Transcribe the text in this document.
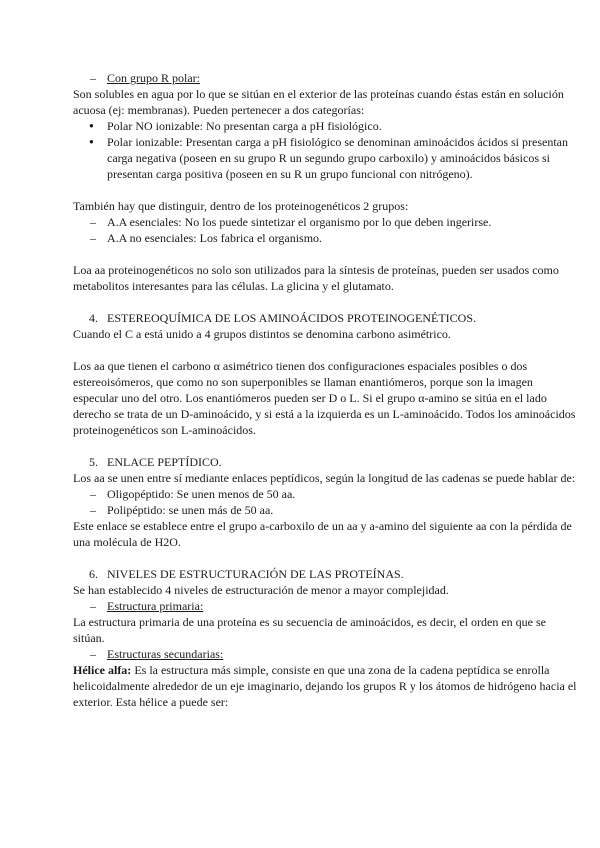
– Con grupo R polar:

Son solubles en agua por lo que se sitúan en el exterior de las proteínas cuando éstas están en solución acuosa (ej: membranas). Pueden pertenecer a dos categorías:

● Polar NO ionizable: No presentan carga a pH fisiológico.

● Polar ionizable: Presentan carga a pH fisiológico se denominan aminoácidos ácidos si presentan carga negativa (poseen en su grupo R un segundo grupo carboxilo) y aminoácidos básicos si presentan carga positiva (poseen en su R un grupo funcional con nitrógeno).

También hay que distinguir, dentro de los proteinogenéticos 2 grupos:

– A.A esenciales: No los puede sintetizar el organismo por lo que deben ingerirse.

– A.A no esenciales: Los fabrica el organismo.

Loa aa proteinogenéticos no solo son utilizados para la síntesis de proteínas, pueden ser usados como metabolitos interesantes para las células. La glicina y el glutamato.

4. ESTEREOQUÍMICA DE LOS AMINOÁCIDOS PROTEINOGENÉTICOS.

Cuando el C a está unido a 4 grupos distintos se denomina carbono asimétrico.

Los aa que tienen el carbono α asimétrico tienen dos configuraciones espaciales posibles o dos estereoisómeros, que como no son superponibles se llaman enantiómeros, porque son la imagen especular uno del otro. Los enantiómeros pueden ser D o L. Si el grupo α-amino se sitúa en el lado derecho se trata de un D-aminoácido, y si está a la izquierda es un L-aminoácido. Todos los aminoácidos proteinogenéticos son L-aminoácidos.

5. ENLACE PEPTÍDICO.

Los aa se unen entre sí mediante enlaces peptídicos, según la longitud de las cadenas se puede hablar de:

– Oligopéptido: Se unen menos de 50 aa.

– Polipéptido: se unen más de 50 aa.

Este enlace se establece entre el grupo a-carboxilo de un aa y a-amino del siguiente aa con la pérdida de una molécula de H2O.

6. NIVELES DE ESTRUCTURACIÓN DE LAS PROTEÍNAS.

Se han establecido 4 niveles de estructuración de menor a mayor complejidad.

– Estructura primaria:

La estructura primaria de una proteína es su secuencia de aminoácidos, es decir, el orden en que se sitúan.

– Estructuras secundarias:

Hélice alfa: Es la estructura más simple, consiste en que una zona de la cadena peptídica se enrolla helicoidalmente alrededor de un eje imaginario, dejando los grupos R y los átomos de hidrógeno hacia el exterior. Esta hélice a puede ser:
